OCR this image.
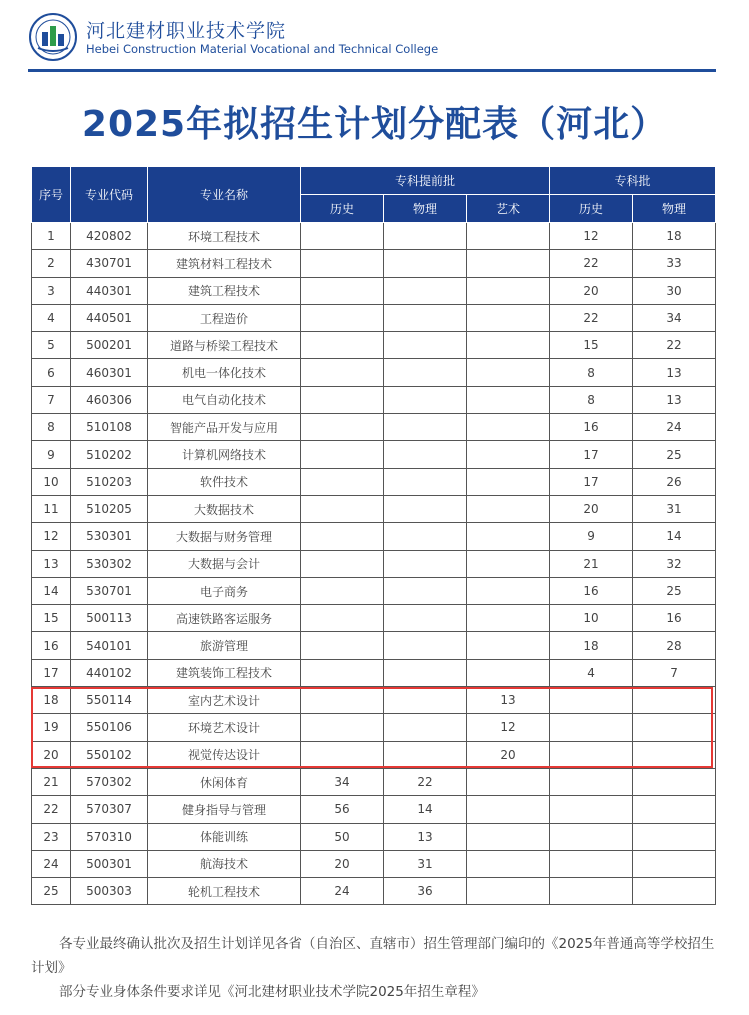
河北建材职业技术学院
Hebei Construction Material Vocational and Technical College
2025年拟招生计划分配表（河北）
序号	专业代码	专业名称	专科提前批			专科批	
			历史	物理	艺术	历史	物理
1	420802	环境工程技术				12	18
2	430701	建筑材料工程技术				22	33
3	440301	建筑工程技术				20	30
4	440501	工程造价				22	34
5	500201	道路与桥梁工程技术				15	22
6	460301	机电一体化技术				8	13
7	460306	电气自动化技术				8	13
8	510108	智能产品开发与应用				16	24
9	510202	计算机网络技术				17	25
10	510203	软件技术				17	26
11	510205	大数据技术				20	31
12	530301	大数据与财务管理				9	14
13	530302	大数据与会计				21	32
14	530701	电子商务				16	25
15	500113	高速铁路客运服务				10	16
16	540101	旅游管理				18	28
17	440102	建筑装饰工程技术				4	7
18	550114	室内艺术设计			13		
19	550106	环境艺术设计			12		
20	550102	视觉传达设计			20		
21	570302	休闲体育	34	22			
22	570307	健身指导与管理	56	14			
23	570310	体能训练	50	13			
24	500301	航海技术	20	31			
25	500303	轮机工程技术	24	36			

各专业最终确认批次及招生计划详见各省（自治区、直辖市）招生管理部门编印的《2025年普通高等学校招生计划》

部分专业身体条件要求详见《河北建材职业技术学院2025年招生章程》
